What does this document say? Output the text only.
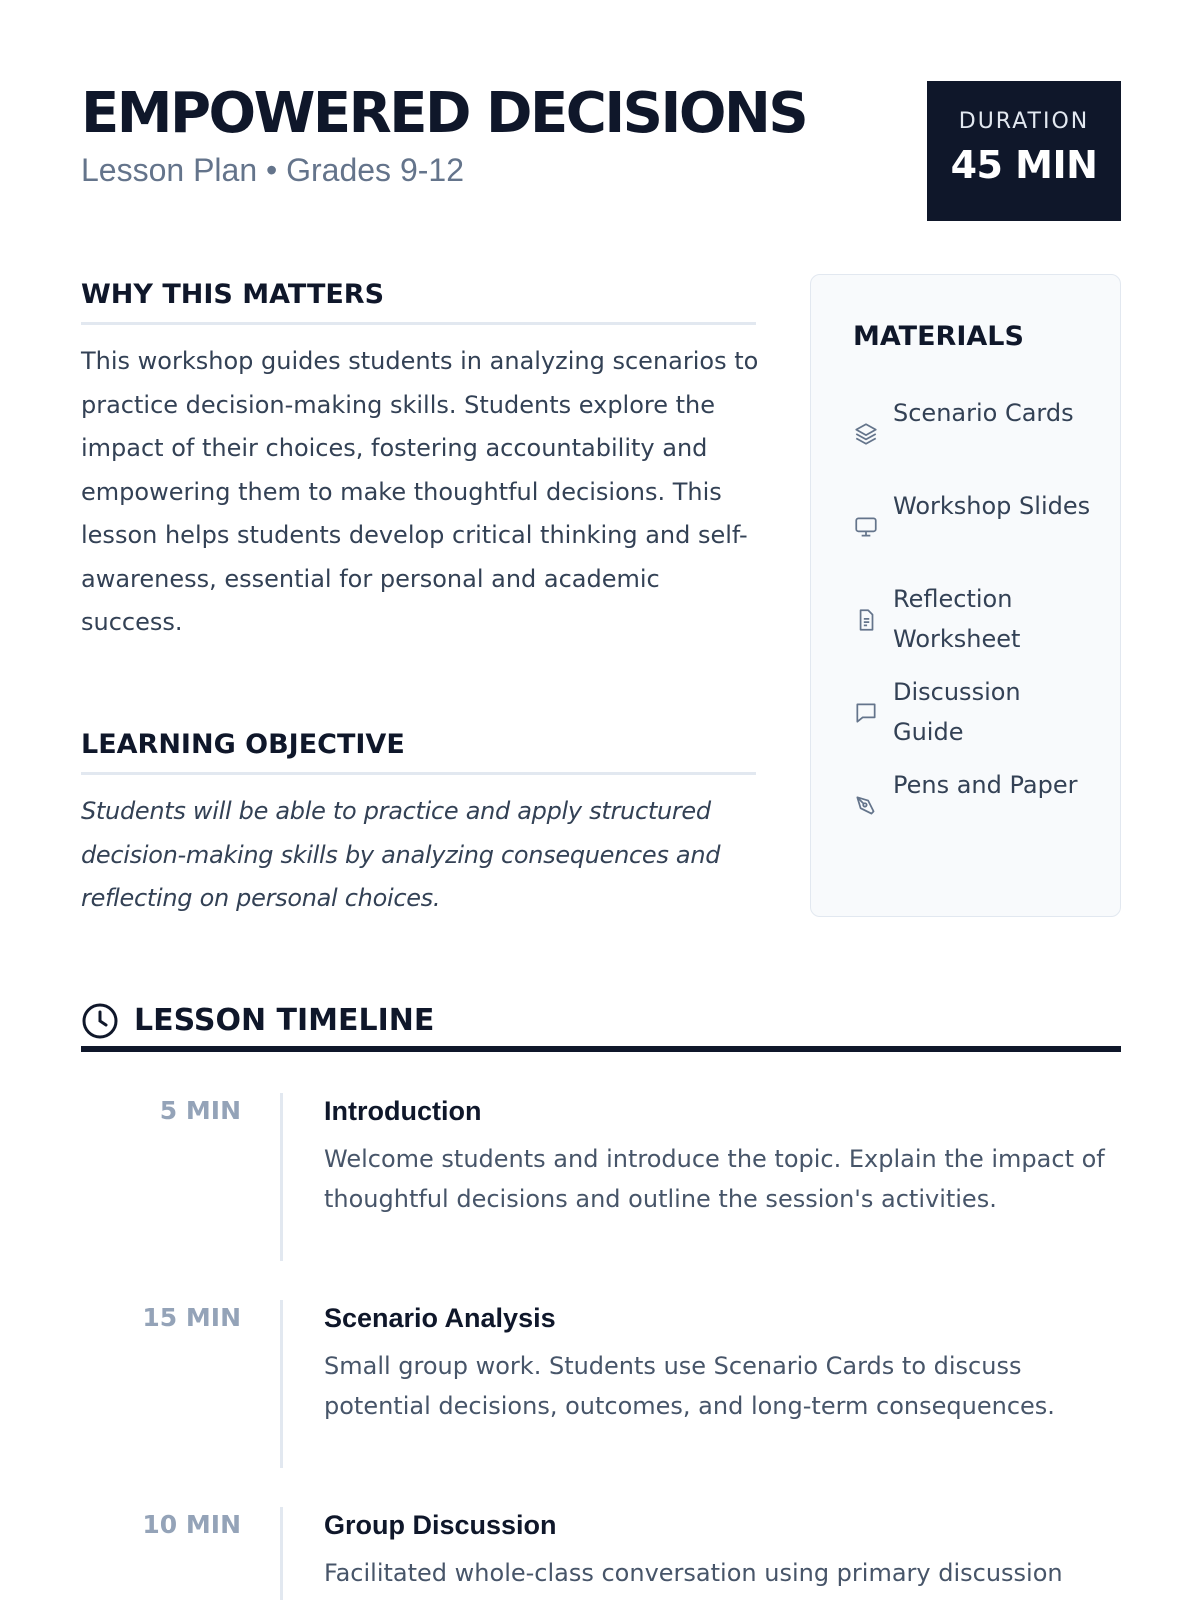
EMPOWERED DECISIONS
Lesson Plan • Grades 9-12
DURATION
45 MIN
WHY THIS MATTERS
This workshop guides students in analyzing scenarios to practice decision-making skills. Students explore the impact of their choices, fostering accountability and empowering them to make thoughtful decisions. This lesson helps students develop critical thinking and self-awareness, essential for personal and academic success.
LEARNING OBJECTIVE
Students will be able to practice and apply structured decision-making skills by analyzing consequences and reflecting on personal choices.
MATERIALS
Scenario Cards
Workshop Slides
Reflection Worksheet
Discussion Guide
Pens and Paper
LESSON TIMELINE
5 MIN	Introduction
Welcome students and introduce the topic. Explain the impact of thoughtful decisions and outline the session's activities.
15 MIN	Scenario Analysis
Small group work. Students use Scenario Cards to discuss potential decisions, outcomes, and long-term consequences.
10 MIN	Group Discussion
Facilitated whole-class conversation using primary discussion
